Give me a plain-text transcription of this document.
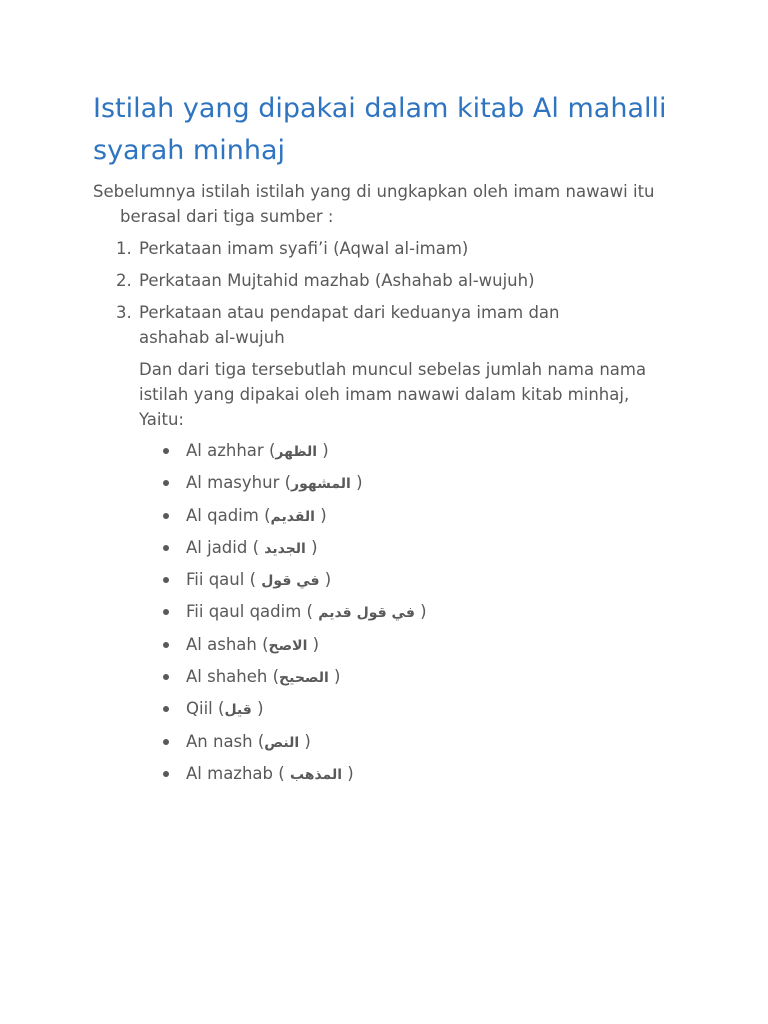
Istilah yang dipakai dalam kitab Al mahalli syarah minhaj

Sebelumnya istilah istilah yang di ungkapkan oleh imam nawawi itu berasal dari tiga sumber :

1. Perkataan imam syafi’i (Aqwal al-imam)
2. Perkataan Mujtahid mazhab (Ashahab al-wujuh)
3. Perkataan atau pendapat dari keduanya imam dan ashahab al-wujuh

Dan dari tiga tersebutlah muncul sebelas jumlah nama nama istilah yang dipakai oleh imam nawawi dalam kitab minhaj, Yaitu:

Al azhhar (الظهر )
Al masyhur (المشهور )
Al qadim (القديم )
Al jadid ( الجديد )
Fii qaul ( في قول )
Fii qaul qadim ( في قول قديم )
Al ashah (الاصح )
Al shaheh (الصحيح )
Qiil (قيل )
An nash (النص )
Al mazhab ( المذهب )
